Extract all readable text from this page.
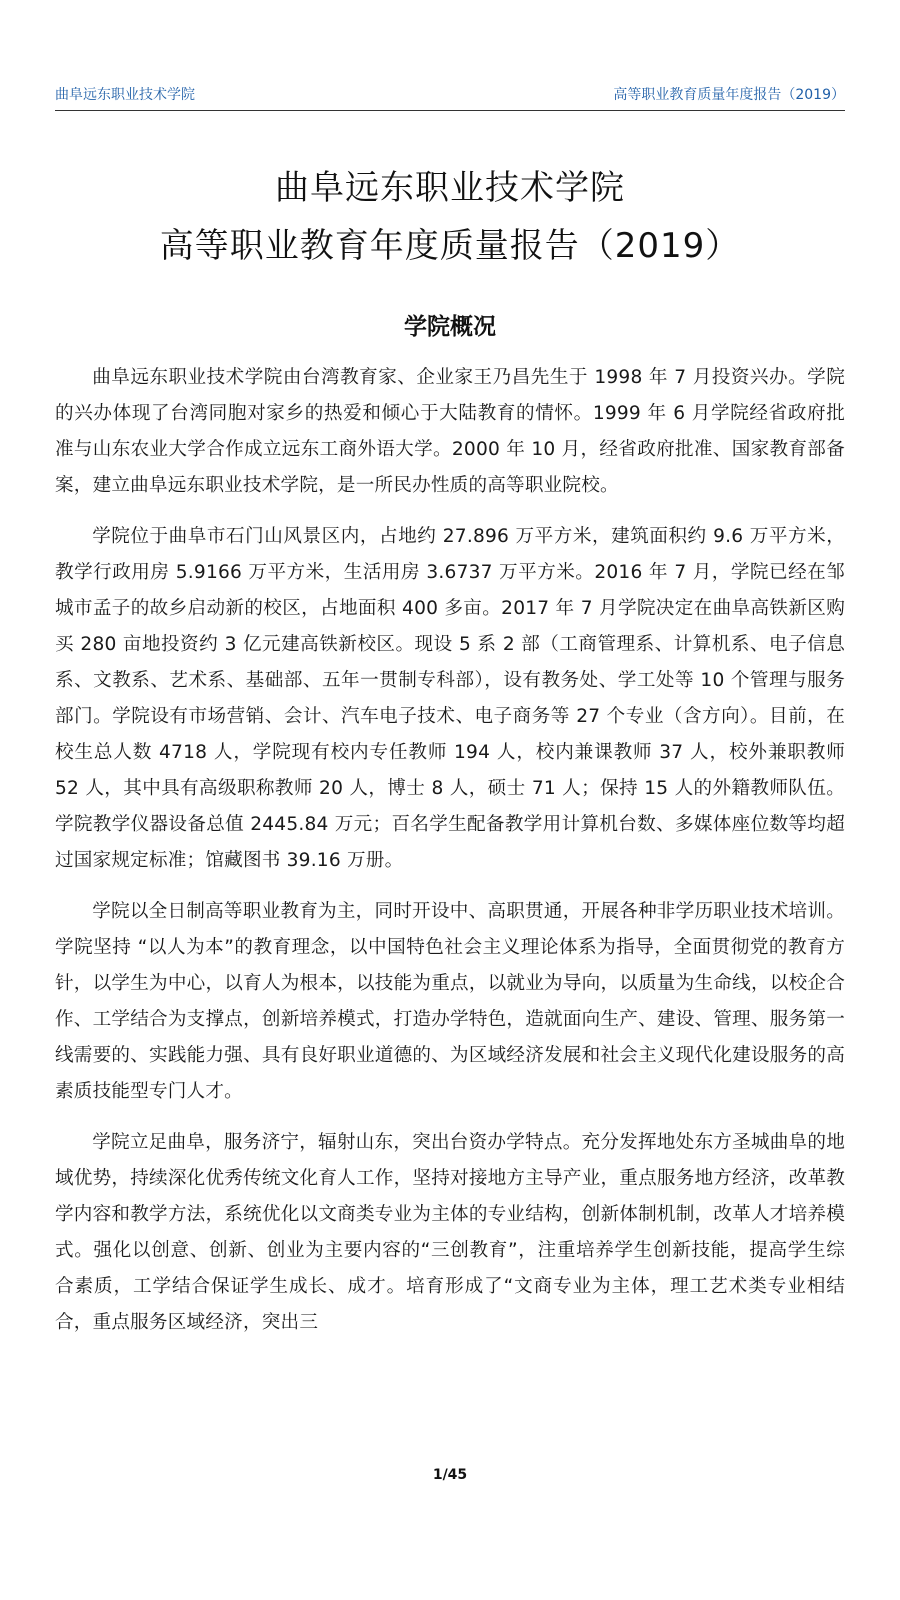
曲阜远东职业技术学院	高等职业教育质量年度报告（2019）
曲阜远东职业技术学院
高等职业教育年度质量报告（2019）
学院概况

曲阜远东职业技术学院由台湾教育家、企业家王乃昌先生于 1998 年 7 月投资兴办。学院的兴办体现了台湾同胞对家乡的热爱和倾心于大陆教育的情怀。1999 年 6 月学院经省政府批准与山东农业大学合作成立远东工商外语大学。2000 年 10 月，经省政府批准、国家教育部备案，建立曲阜远东职业技术学院，是一所民办性质的高等职业院校。

学院位于曲阜市石门山风景区内，占地约 27.896 万平方米，建筑面积约 9.6 万平方米，教学行政用房 5.9166 万平方米，生活用房 3.6737 万平方米。2016 年 7 月，学院已经在邹城市孟子的故乡启动新的校区，占地面积 400 多亩。2017 年 7 月学院决定在曲阜高铁新区购买 280 亩地投资约 3 亿元建高铁新校区。现设 5 系 2 部（工商管理系、计算机系、电子信息系、文教系、艺术系、基础部、五年一贯制专科部），设有教务处、学工处等 10 个管理与服务部门。学院设有市场营销、会计、汽车电子技术、电子商务等 27 个专业（含方向）。目前，在校生总人数 4718 人，学院现有校内专任教师 194 人，校内兼课教师 37 人，校外兼职教师 52 人，其中具有高级职称教师 20 人，博士 8 人，硕士 71 人；保持 15 人的外籍教师队伍。学院教学仪器设备总值 2445.84 万元；百名学生配备教学用计算机台数、多媒体座位数等均超过国家规定标准；馆藏图书 39.16 万册。

学院以全日制高等职业教育为主，同时开设中、高职贯通，开展各种非学历职业技术培训。学院坚持 “以人为本”的教育理念，以中国特色社会主义理论体系为指导，全面贯彻党的教育方针，以学生为中心，以育人为根本，以技能为重点，以就业为导向，以质量为生命线，以校企合作、工学结合为支撑点，创新培养模式，打造办学特色，造就面向生产、建设、管理、服务第一线需要的、实践能力强、具有良好职业道德的、为区域经济发展和社会主义现代化建设服务的高素质技能型专门人才。

学院立足曲阜，服务济宁，辐射山东，突出台资办学特点。充分发挥地处东方圣城曲阜的地域优势，持续深化优秀传统文化育人工作，坚持对接地方主导产业，重点服务地方经济，改革教学内容和教学方法，系统优化以文商类专业为主体的专业结构，创新体制机制，改革人才培养模式。强化以创意、创新、创业为主要内容的“三创教育”，注重培养学生创新技能，提高学生综合素质，工学结合保证学生成长、成才。培育形成了“文商专业为主体，理工艺术类专业相结合，重点服务区域经济，突出三

1/45
